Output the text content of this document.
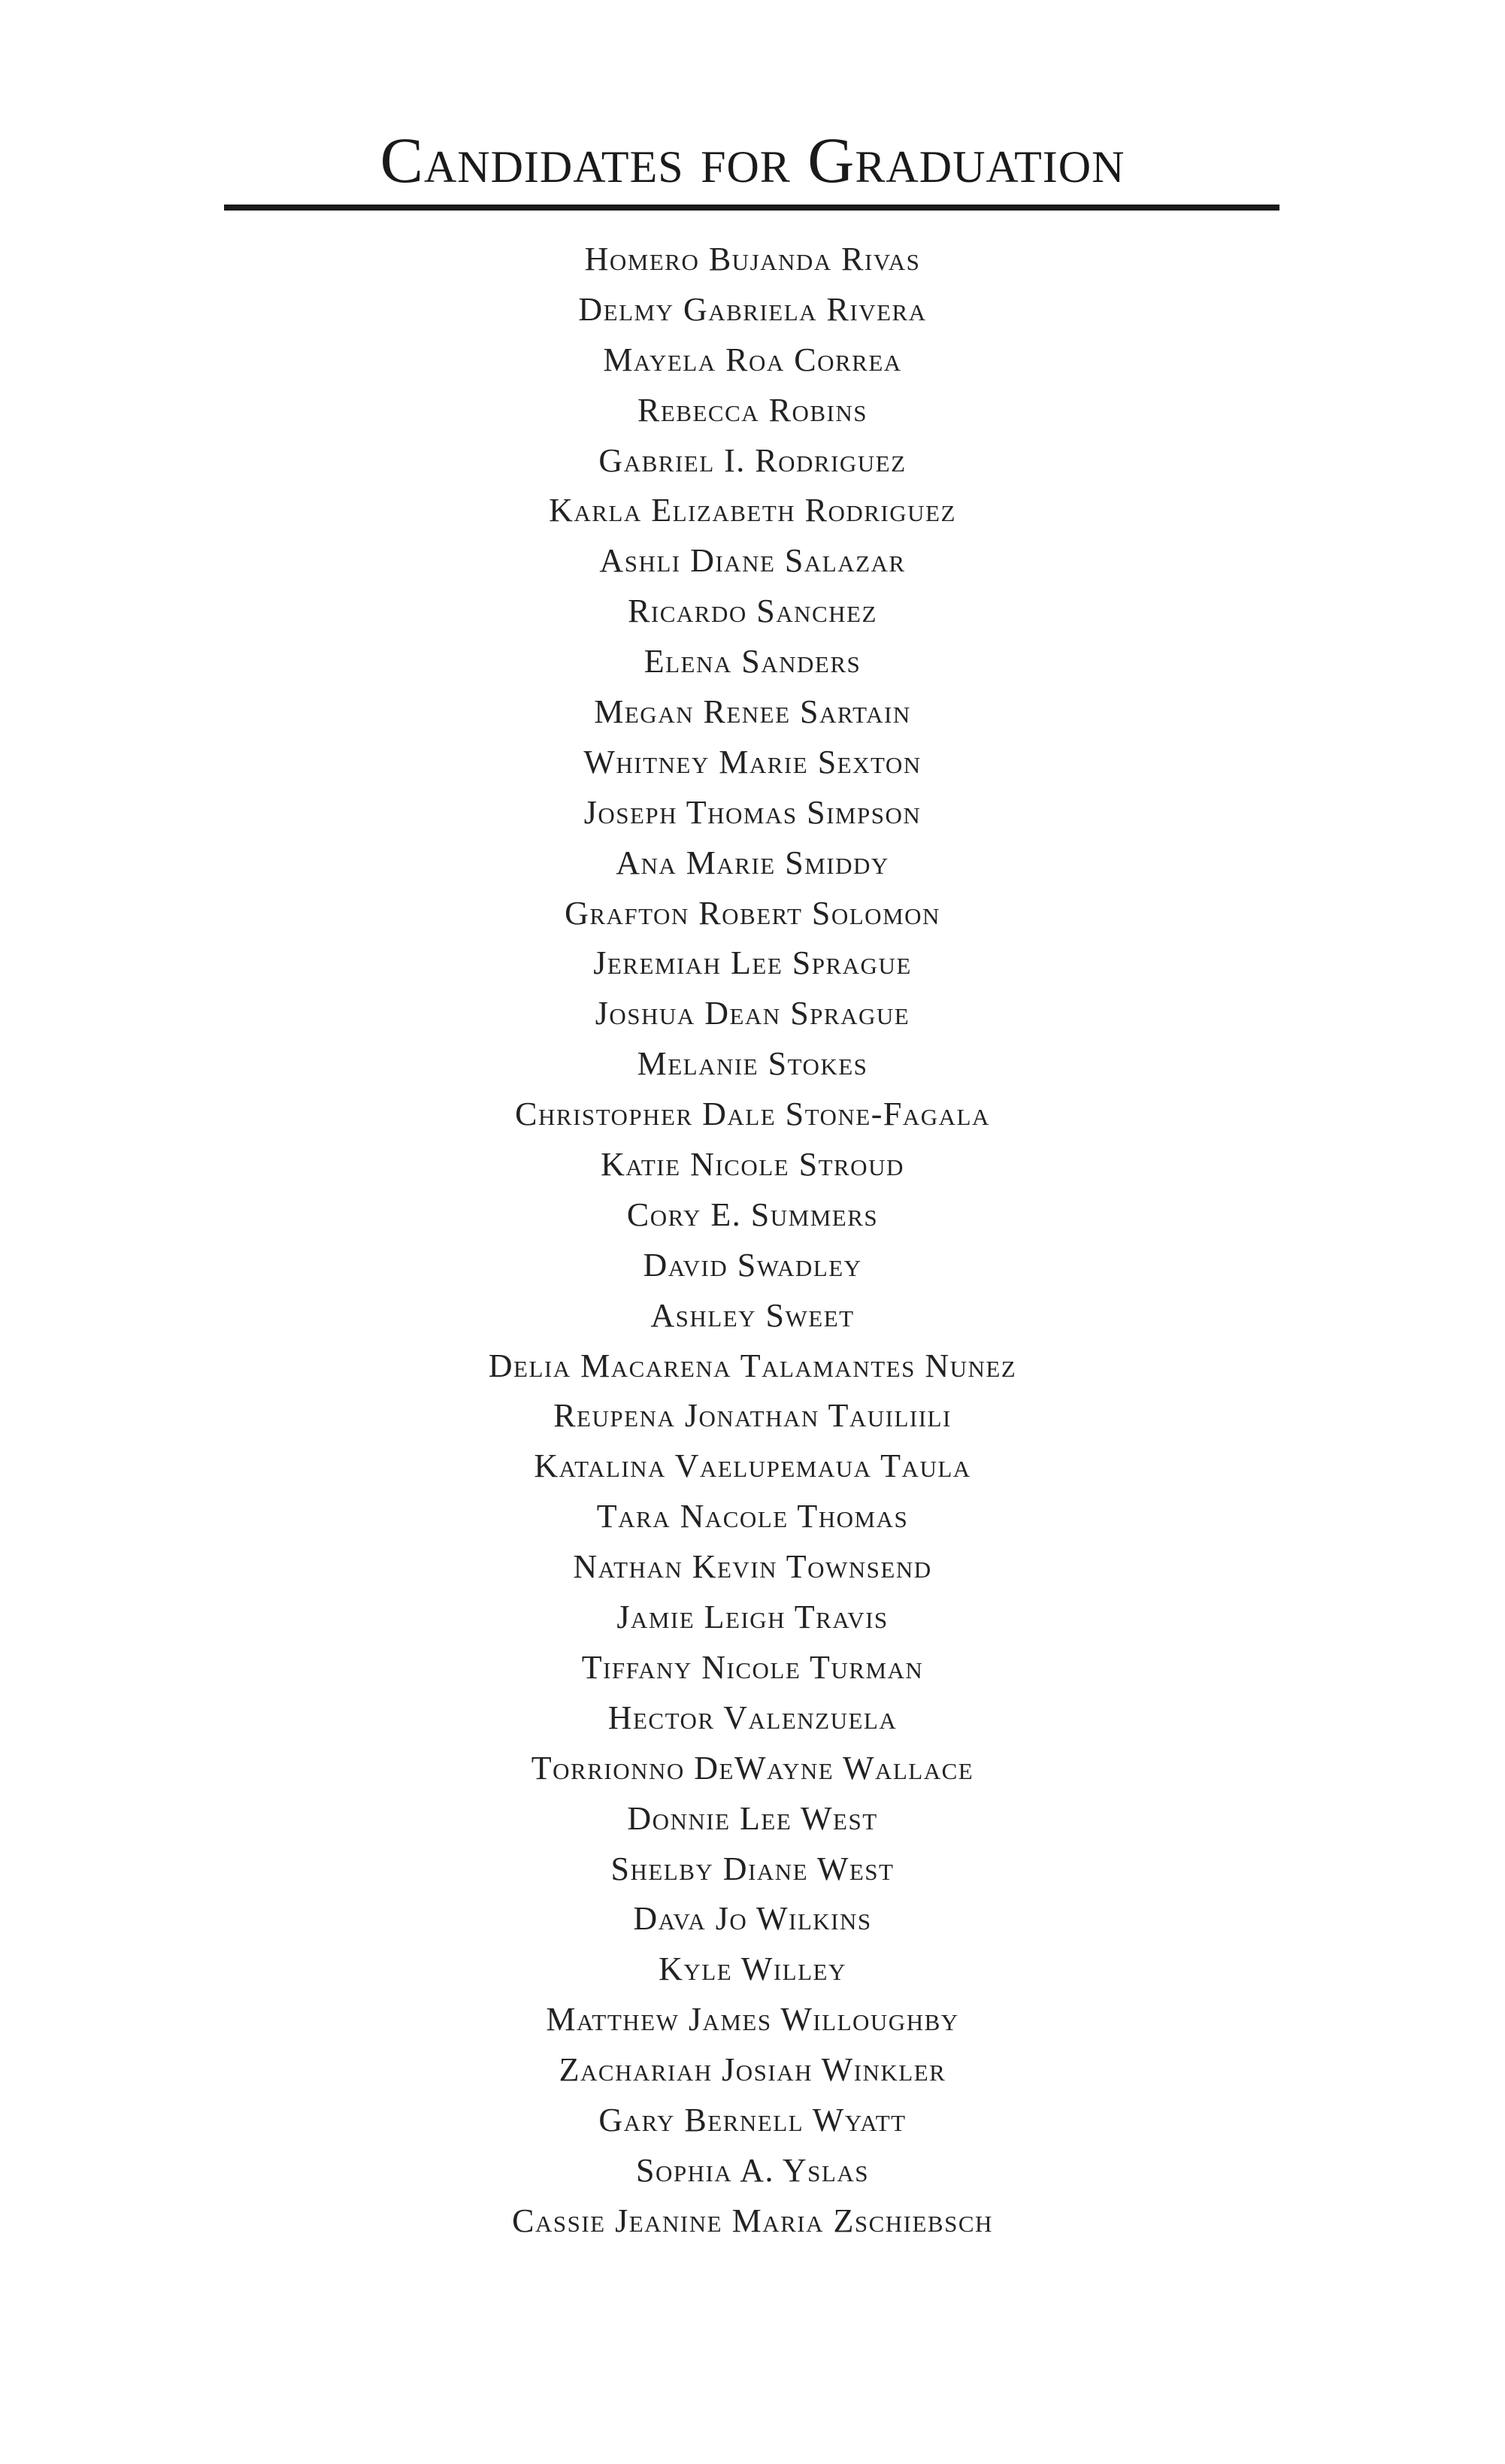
Candidates for Graduation
Homero Bujanda Rivas
Delmy Gabriela Rivera
Mayela Roa Correa
Rebecca Robins
Gabriel I. Rodriguez
Karla Elizabeth Rodriguez
Ashli Diane Salazar
Ricardo Sanchez
Elena Sanders
Megan Renee Sartain
Whitney Marie Sexton
Joseph Thomas Simpson
Ana Marie Smiddy
Grafton Robert Solomon
Jeremiah Lee Sprague
Joshua Dean Sprague
Melanie Stokes
Christopher Dale Stone-Fagala
Katie Nicole Stroud
Cory E. Summers
David Swadley
Ashley Sweet
Delia Macarena Talamantes Nunez
Reupena Jonathan Tauiliili
Katalina Vaelupemaua Taula
Tara Nacole Thomas
Nathan Kevin Townsend
Jamie Leigh Travis
Tiffany Nicole Turman
Hector Valenzuela
Torrionno DeWayne Wallace
Donnie Lee West
Shelby Diane West
Dava Jo Wilkins
Kyle Willey
Matthew James Willoughby
Zachariah Josiah Winkler
Gary Bernell Wyatt
Sophia A. Yslas
Cassie Jeanine Maria Zschiebsch
